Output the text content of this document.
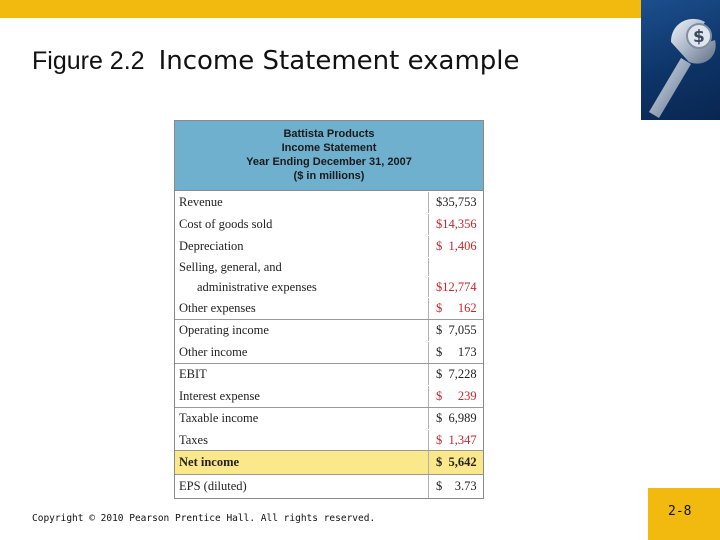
$
Figure 2.2 Income Statement example
Battista Products
Income Statement
Year Ending December 31, 2007
($ in millions)
Revenue	$35,753
Cost of goods sold	$14,356
Depreciation	$  1,406
Selling, general, and
administrative expenses	$12,774
Other expenses	$     162
Operating income	$  7,055
Other income	$     173
EBIT	$  7,228
Interest expense	$     239
Taxable income	$  6,989
Taxes	$  1,347
Net income	$  5,642
EPS (diluted)	$    3.73
Copyright © 2010 Pearson Prentice Hall. All rights reserved.	2-8
